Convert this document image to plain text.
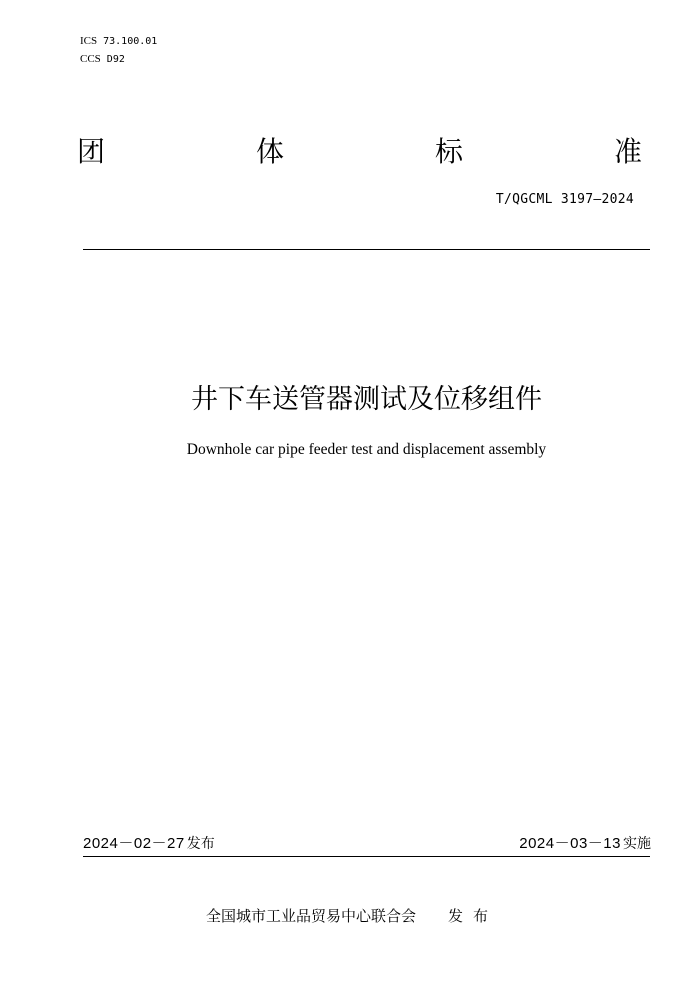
ICS 73.100.01
CCS D92
团	体	标	准
T/QGCML 3197—2024
井下车送管器测试及位移组件
Downhole car pipe feeder test and displacement assembly
2024－02－27 发布	2024－03－13 实施
全国城市工业品贸易中心联合会 发布
